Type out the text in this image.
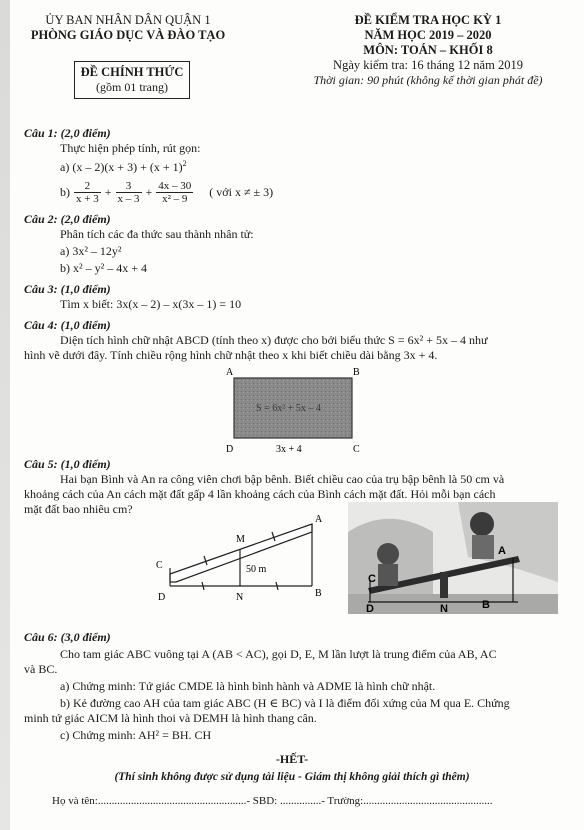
ỦY BAN NHÂN DÂN QUẬN 1
PHÒNG GIÁO DỤC VÀ ĐÀO TẠO
ĐỀ CHÍNH THỨC
(gồm 01 trang)
ĐỀ KIỂM TRA HỌC KỲ 1
NĂM HỌC 2019 – 2020
MÔN: TOÁN – KHỐI 8
Ngày kiểm tra: 16 tháng 12 năm 2019
Thời gian: 90 phút (không kể thời gian phát đề)
Câu 1: (2,0 điểm)
Thực hiện phép tính, rút gọn:
a) $(x - 2)(x + 3) + (x + 1)^2$
$b) \frac{2}{x + 3} + \frac{3}{x - 3} + \frac{4x - 30}{\text{x² – 9}}$ ( với x ≠ ± 3)
Câu 2: (2,0 điểm)
Phân tích các đa thức sau thành nhân tử:
a) 3x² – 12y²
b) x² – y² – 4x + 4
Câu 3: (1,0 điểm)
Tìm x biết: 3x(x – 2) – x(3x – 1) = 10
Câu 4: (1,0 điểm)
Diện tích hình chữ nhật ABCD (tính theo x) được cho bởi biểu thức S = 6x² + 5x – 4 như
hình vẽ dưới đây. Tính chiều rộng hình chữ nhật theo x khi biết chiều dài bằng 3x + 4.
A	B
D	C
S = 6x² + 5x – 4
3x + 4
Câu 5: (1,0 điểm)
Hai bạn Bình và An ra công viên chơi bập bênh. Biết chiều cao của trụ bập bênh là 50 cm và
khoảng cách của An cách mặt đất gấp 4 lần khoảng cách của Bình cách mặt đất. Hỏi mỗi bạn cách
mặt đất bao nhiêu cm?
C
D
M
N
A
B
50 m
C
D	N
A
B
Câu 6: (3,0 điểm)
Cho tam giác ABC vuông tại A (AB < AC), gọi D, E, M lần lượt là trung điểm của AB, AC
và BC.
a) Chứng minh: Tứ giác CMDE là hình bình hành và ADME là hình chữ nhật.
b) Kẻ đường cao AH của tam giác ABC (H ∈ BC) và I là điểm đối xứng của M qua E. Chứng
minh tứ giác AICM là hình thoi và DEMH là hình thang cân.
c) Chứng minh: AH² = BH. CH
-HẾT-
(Thí sinh không được sử dụng tài liệu - Giám thị không giải thích gì thêm)
Họ và tên:......................................................- SBD: ...............- Trường:...............................................
